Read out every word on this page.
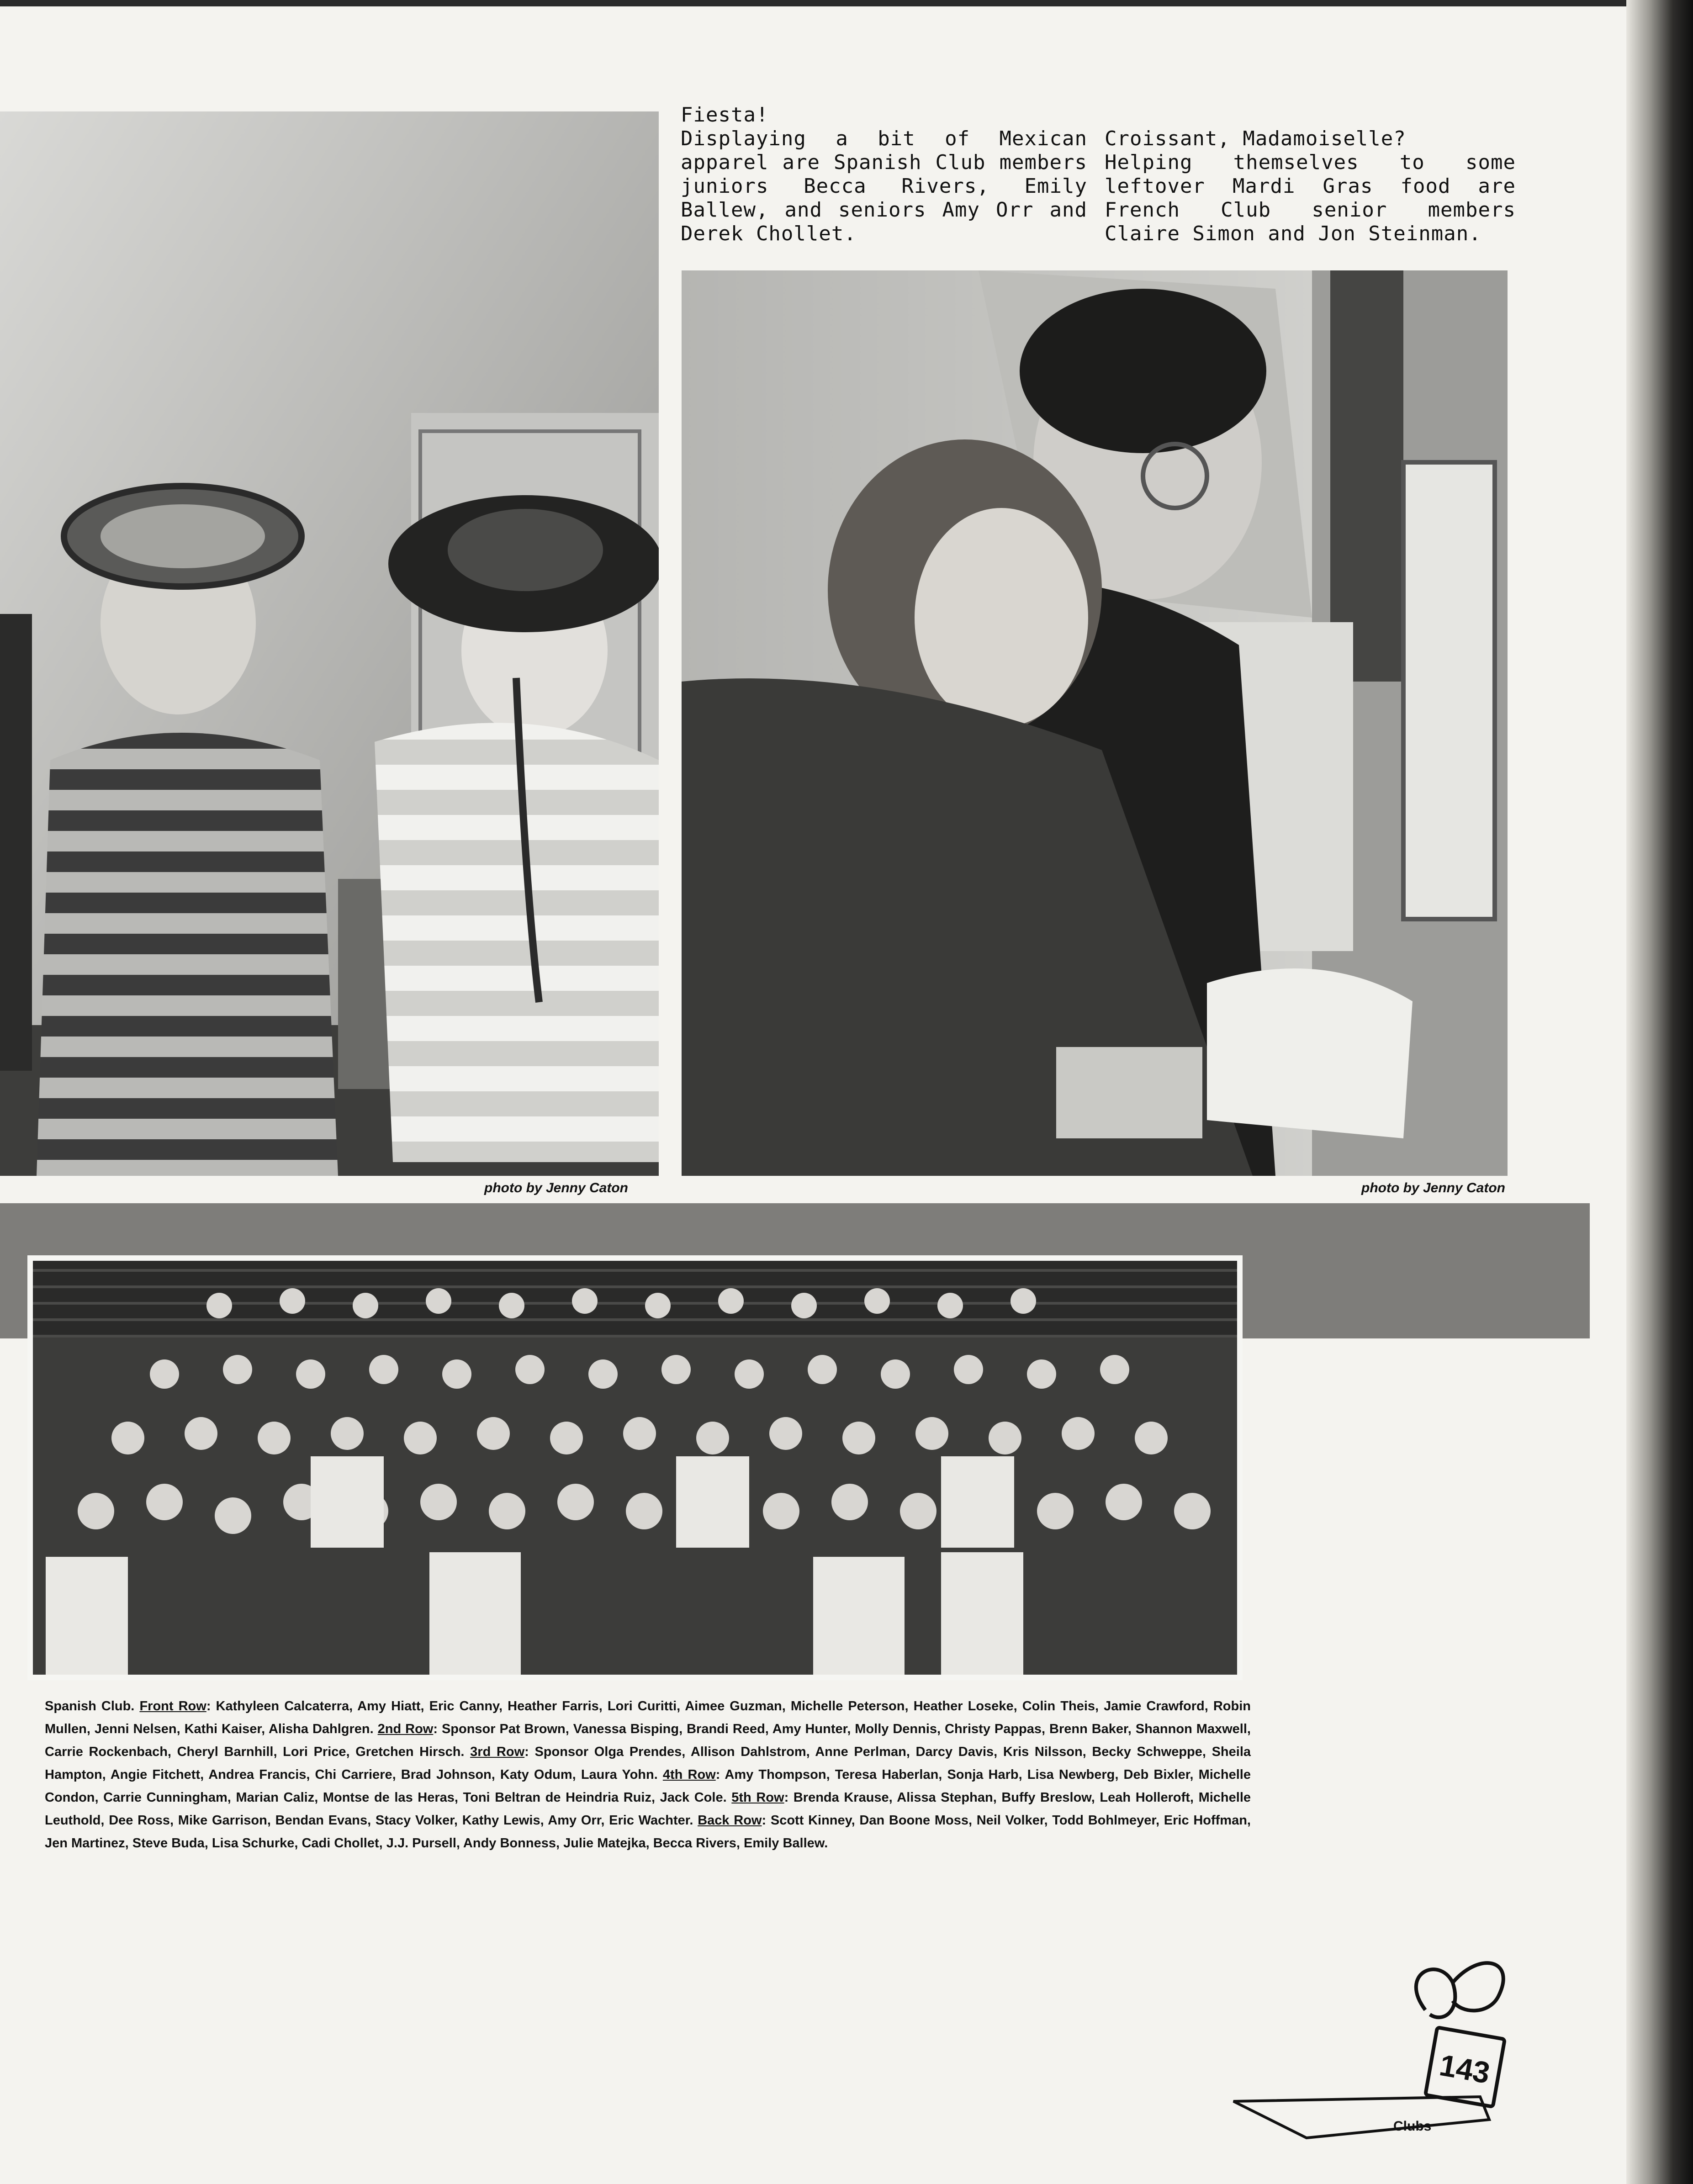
photo by Jenny Caton
Fiesta!
Displaying a bit of Mexican apparel are Spanish Club members juniors Becca Rivers, Emily Ballew, and seniors Amy Orr and Derek Chollet.
Croissant, Madamoiselle?
Helping themselves to some leftover Mardi Gras food are French Club senior members Claire Simon and Jon Steinman.
photo by Jenny Caton
Spanish Club. Front Row: Kathyleen Calcaterra, Amy Hiatt, Eric Canny, Heather Farris, Lori Curitti, Aimee Guzman, Michelle Peterson, Heather Loseke, Colin Theis, Jamie Crawford, Robin Mullen, Jenni Nelsen, Kathi Kaiser, Alisha Dahlgren. 2nd Row: Sponsor Pat Brown, Vanessa Bisping, Brandi Reed, Amy Hunter, Molly Dennis, Christy Pappas, Brenn Baker, Shannon Maxwell, Carrie Rockenbach, Cheryl Barnhill, Lori Price, Gretchen Hirsch. 3rd Row: Sponsor Olga Prendes, Allison Dahlstrom, Anne Perlman, Darcy Davis, Kris Nilsson, Becky Schweppe, Sheila Hampton, Angie Fitchett, Andrea Francis, Chi Carriere, Brad Johnson, Katy Odum, Laura Yohn. 4th Row: Amy Thompson, Teresa Haberlan, Sonja Harb, Lisa Newberg, Deb Bixler, Michelle Condon, Carrie Cunningham, Marian Caliz, Montse de las Heras, Toni Beltran de Heindria Ruiz, Jack Cole. 5th Row: Brenda Krause, Alissa Stephan, Buffy Breslow, Leah Holleroft, Michelle Leuthold, Dee Ross, Mike Garrison, Bendan Evans, Stacy Volker, Kathy Lewis, Amy Orr, Eric Wachter. Back Row: Scott Kinney, Dan Boone Moss, Neil Volker, Todd Bohlmeyer, Eric Hoffman, Jen Martinez, Steve Buda, Lisa Schurke, Cadi Chollet, J.J. Pursell, Andy Bonness, Julie Matejka, Becca Rivers, Emily Ballew.
143
Clubs
